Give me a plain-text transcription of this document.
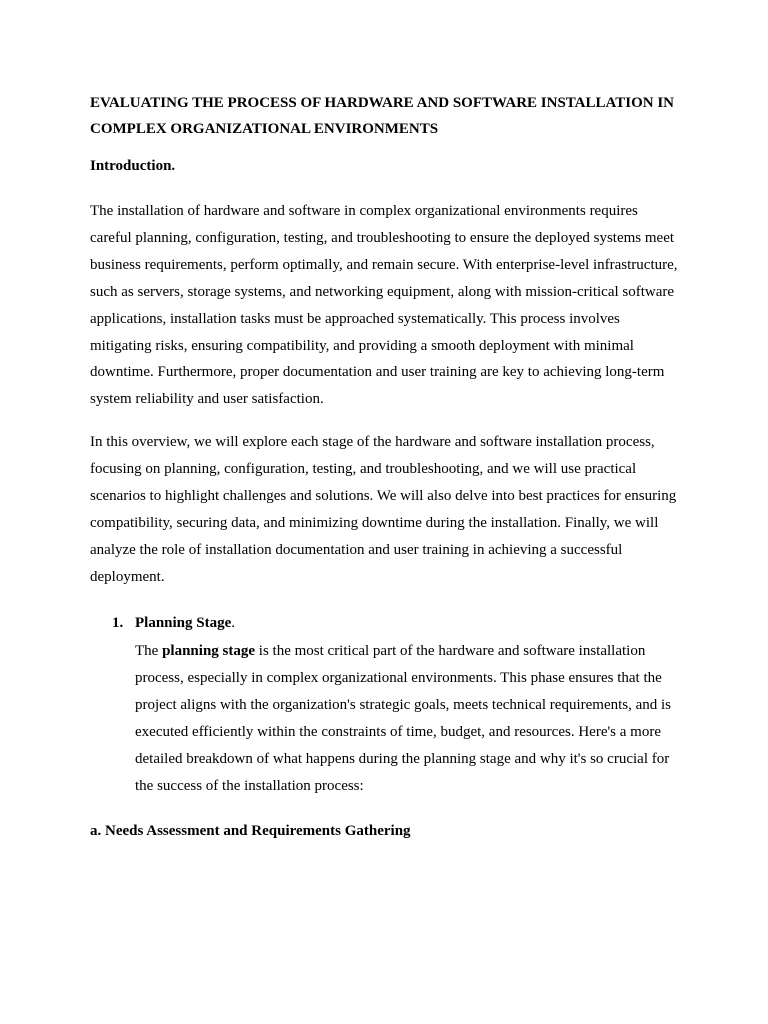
EVALUATING THE PROCESS OF HARDWARE AND SOFTWARE INSTALLATION IN COMPLEX ORGANIZATIONAL ENVIRONMENTS
Introduction.

The installation of hardware and software in complex organizational environments requires careful planning, configuration, testing, and troubleshooting to ensure the deployed systems meet business requirements, perform optimally, and remain secure. With enterprise-level infrastructure, such as servers, storage systems, and networking equipment, along with mission-critical software applications, installation tasks must be approached systematically. This process involves mitigating risks, ensuring compatibility, and providing a smooth deployment with minimal downtime. Furthermore, proper documentation and user training are key to achieving long-term system reliability and user satisfaction.

In this overview, we will explore each stage of the hardware and software installation process, focusing on planning, configuration, testing, and troubleshooting, and we will use practical scenarios to highlight challenges and solutions. We will also delve into best practices for ensuring compatibility, securing data, and minimizing downtime during the installation. Finally, we will analyze the role of installation documentation and user training in achieving a successful deployment.

1. Planning Stage.

The planning stage is the most critical part of the hardware and software installation process, especially in complex organizational environments. This phase ensures that the project aligns with the organization's strategic goals, meets technical requirements, and is executed efficiently within the constraints of time, budget, and resources. Here's a more detailed breakdown of what happens during the planning stage and why it's so crucial for the success of the installation process:

a. Needs Assessment and Requirements Gathering
